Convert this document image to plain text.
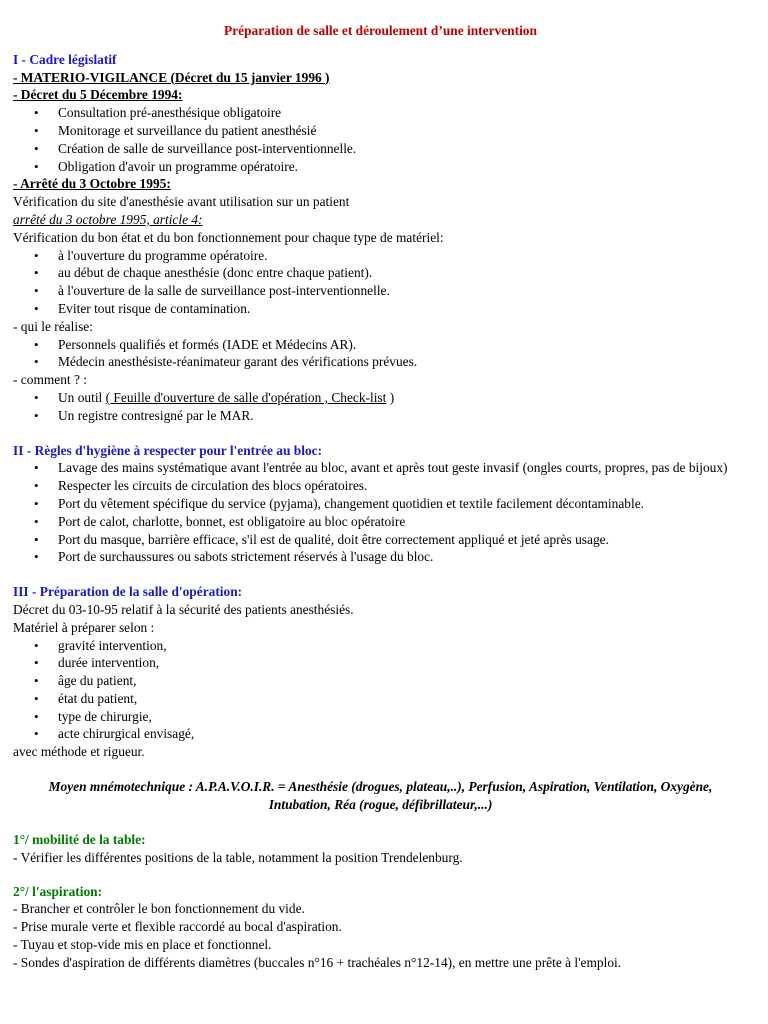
Préparation de salle et déroulement d’une intervention

I - Cadre législatif

- MATERIO-VIGILANCE (Décret du 15 janvier 1996 )

- Décret du 5 Décembre 1994:

• Consultation pré-anesthésique obligatoire
• Monitorage et surveillance du patient anesthésié
• Création de salle de surveillance post-interventionnelle.
• Obligation d'avoir un programme opératoire.

- Arrêté du 3 Octobre 1995:

Vérification du site d'anesthésie avant utilisation sur un patient

arrêté du 3 octobre 1995, article 4:

Vérification du bon état et du bon fonctionnement pour chaque type de matériel:

• à l'ouverture du programme opératoire.
• au début de chaque anesthésie (donc entre chaque patient).
• à l'ouverture de la salle de surveillance post-interventionnelle.
• Eviter tout risque de contamination.

- qui le réalise:

• Personnels qualifiés et formés (IADE et Médecins AR).
• Médecin anesthésiste-réanimateur garant des vérifications prévues.

- comment ? :

• Un outil ( Feuille d'ouverture de salle d'opération , Check-list )
• Un registre contresigné par le MAR.

II - Règles d'hygiène à respecter pour l'entrée au bloc:

• Lavage des mains systématique avant l'entrée au bloc, avant et après tout geste invasif (ongles courts, propres, pas de bijoux)
• Respecter les circuits de circulation des blocs opératoires.
• Port du vêtement spécifique du service (pyjama), changement quotidien et textile facilement décontaminable.
• Port de calot, charlotte, bonnet, est obligatoire au bloc opératoire
• Port du masque, barrière efficace, s'il est de qualité, doit être correctement appliqué et jeté après usage.
• Port de surchaussures ou sabots strictement réservés à l'usage du bloc.

III - Préparation de la salle d'opération:

Décret du 03-10-95 relatif à la sécurité des patients anesthésiés.

Matériel à préparer selon :

• gravité intervention,
• durée intervention,
• âge du patient,
• état du patient,
• type de chirurgie,
• acte chirurgical envisagé,

avec méthode et rigueur.

Moyen mnémotechnique : A.P.A.V.O.I.R. = Anesthésie (drogues, plateau,..), Perfusion, Aspiration, Ventilation, Oxygène, Intubation, Réa (rogue, défibrillateur,...)

1°/ mobilité de la table:

- Vérifier les différentes positions de la table, notamment la position Trendelenburg.

2°/ l'aspiration:

- Brancher et contrôler le bon fonctionnement du vide.

- Prise murale verte et flexible raccordé au bocal d'aspiration.

- Tuyau et stop-vide mis en place et fonctionnel.

- Sondes d'aspiration de différents diamètres (buccales n°16 + trachéales n°12-14), en mettre une prête à l'emploi.
